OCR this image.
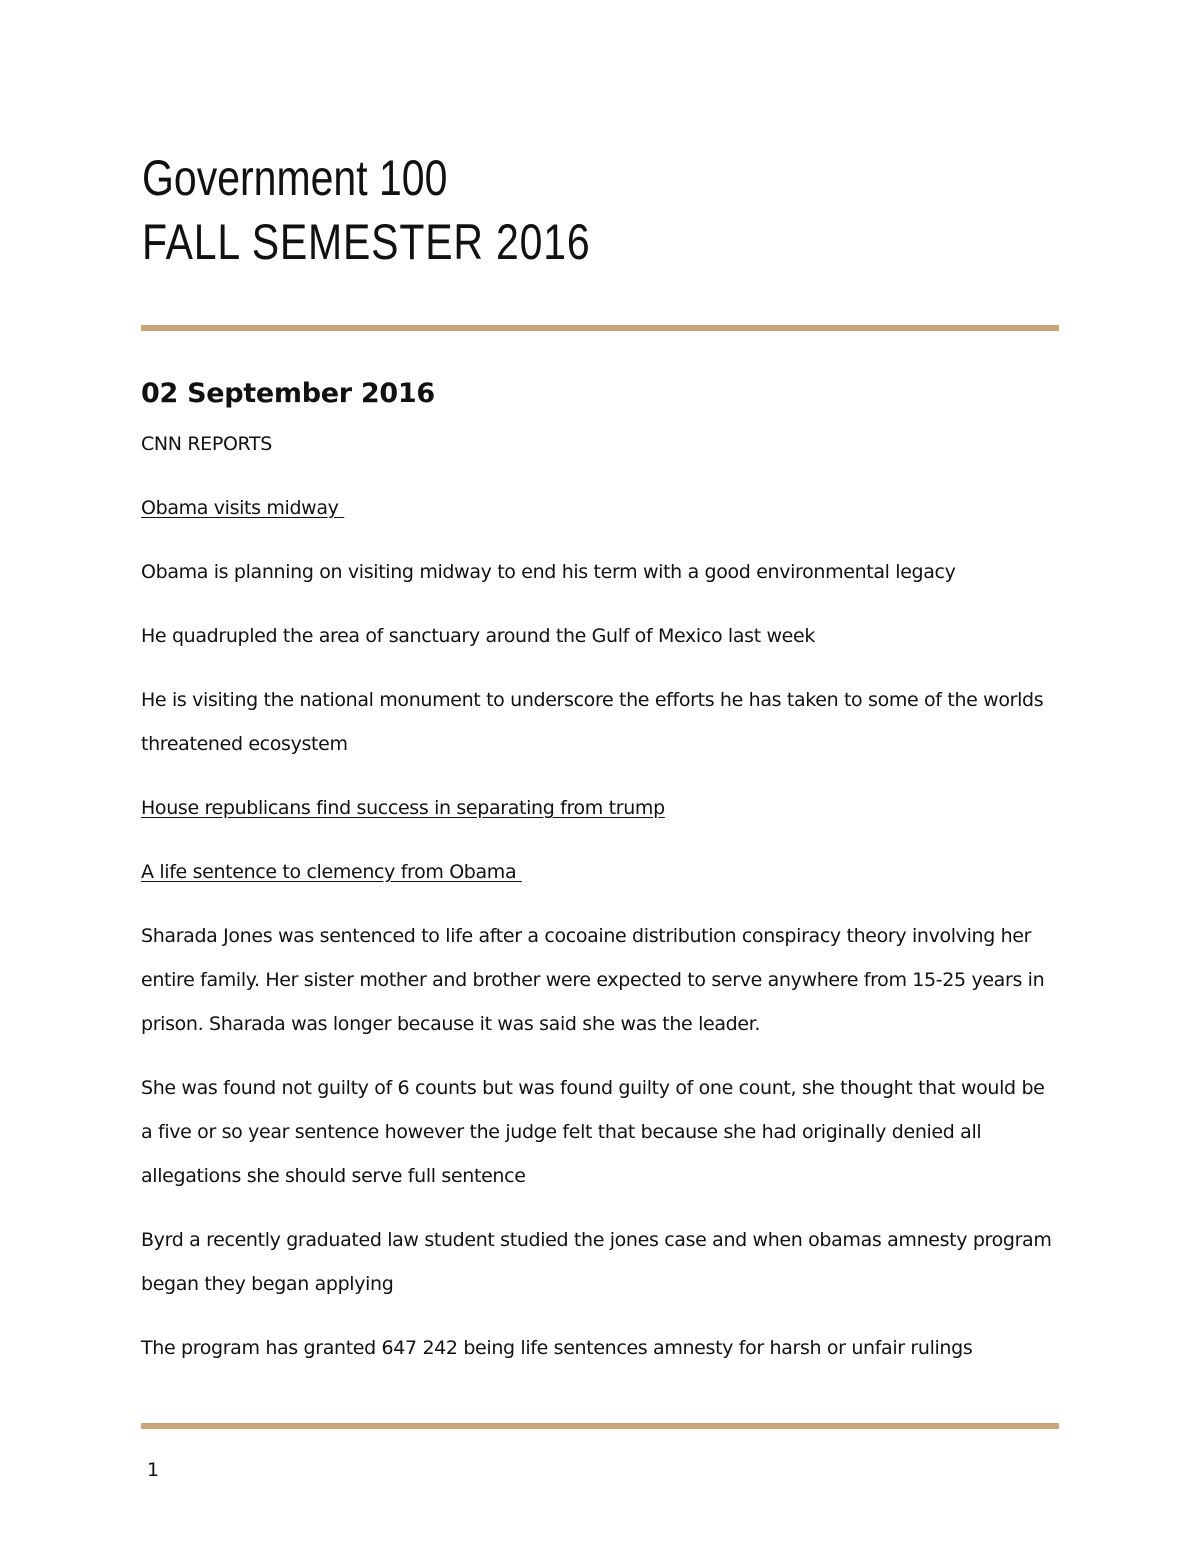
Government 100
FALL SEMESTER 2016
02 September 2016
CNN REPORTS
Obama visits midway
Obama is planning on visiting midway to end his term with a good environmental legacy
He quadrupled the area of sanctuary around the Gulf of Mexico last week
He is visiting the national monument to underscore the efforts he has taken to some of the worlds threatened ecosystem
House republicans find success in separating from trump
A life sentence to clemency from Obama
Sharada Jones was sentenced to life after a cocoaine distribution conspiracy theory involving her entire family. Her sister mother and brother were expected to serve anywhere from 15-25 years in prison. Sharada was longer because it was said she was the leader.
She was found not guilty of 6 counts but was found guilty of one count, she thought that would be a five or so year sentence however the judge felt that because she had originally denied all allegations she should serve full sentence
Byrd a recently graduated law student studied the jones case and when obamas amnesty program began they began applying
The program has granted 647 242 being life sentences amnesty for harsh or unfair rulings
1
